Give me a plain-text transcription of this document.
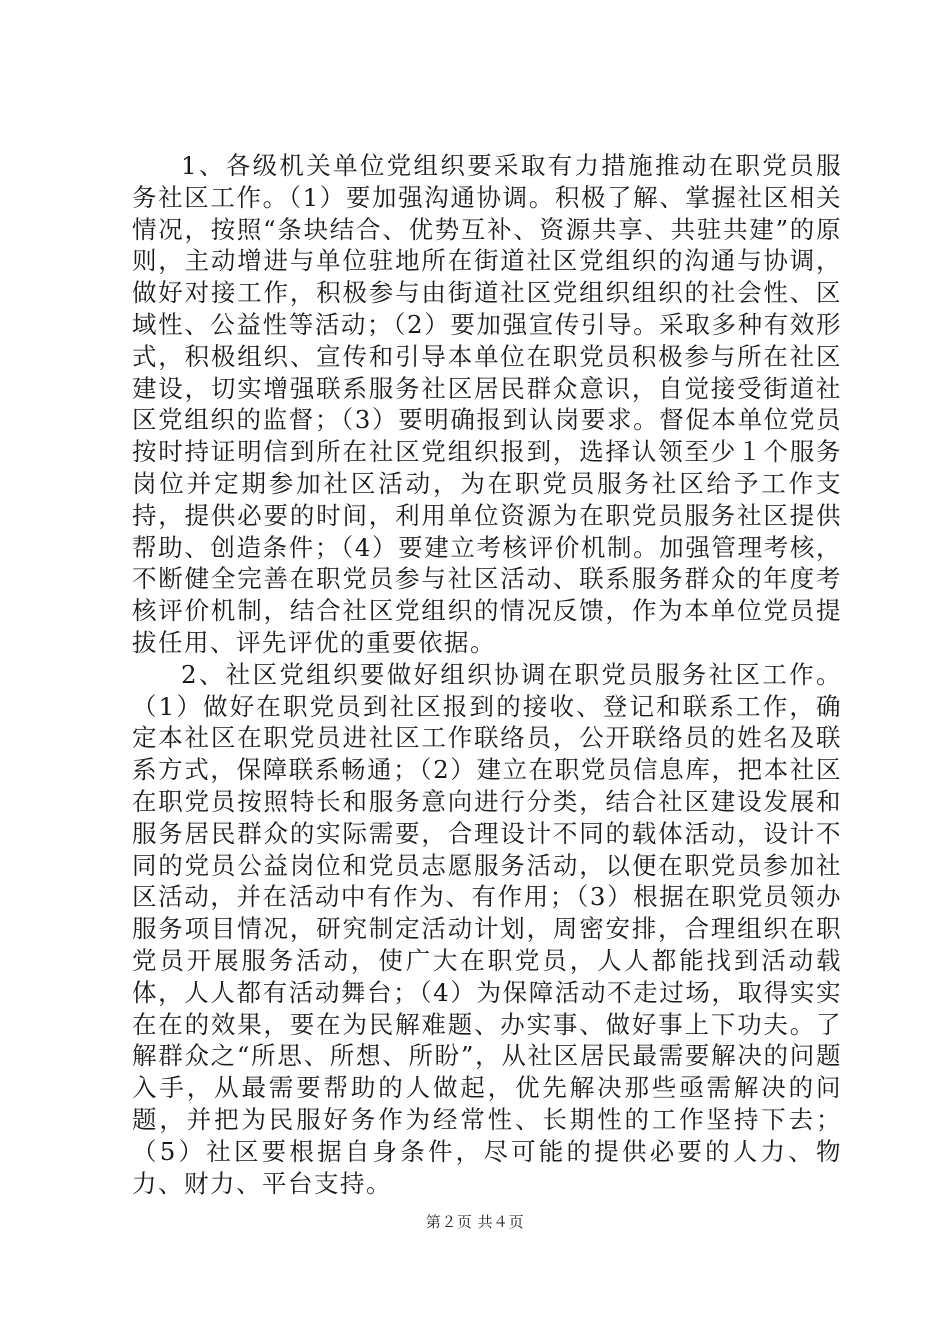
1、各级机关单位党组织要采取有力措施推动在职党员服务社区工作。（1）要加强沟通协调。积极了解、掌握社区相关情况，按照“条块结合、优势互补、资源共享、共驻共建”的原则，主动增进与单位驻地所在街道社区党组织的沟通与协调，做好对接工作，积极参与由街道社区党组织组织的社会性、区域性、公益性等活动；（2）要加强宣传引导。采取多种有效形式，积极组织、宣传和引导本单位在职党员积极参与所在社区建设，切实增强联系服务社区居民群众意识，自觉接受街道社区党组织的监督；（3）要明确报到认岗要求。督促本单位党员按时持证明信到所在社区党组织报到，选择认领至少１个服务岗位并定期参加社区活动，为在职党员服务社区给予工作支持，提供必要的时间，利用单位资源为在职党员服务社区提供帮助、创造条件；（4）要建立考核评价机制。加强管理考核，不断健全完善在职党员参与社区活动、联系服务群众的年度考核评价机制，结合社区党组织的情况反馈，作为本单位党员提拔任用、评先评优的重要依据。

2、社区党组织要做好组织协调在职党员服务社区工作。（1）做好在职党员到社区报到的接收、登记和联系工作，确定本社区在职党员进社区工作联络员，公开联络员的姓名及联系方式，保障联系畅通；（2）建立在职党员信息库，把本社区在职党员按照特长和服务意向进行分类，结合社区建设发展和服务居民群众的实际需要，合理设计不同的载体活动，设计不同的党员公益岗位和党员志愿服务活动，以便在职党员参加社区活动，并在活动中有作为、有作用；（3）根据在职党员领办服务项目情况，研究制定活动计划，周密安排，合理组织在职党员开展服务活动，使广大在职党员，人人都能找到活动载体，人人都有活动舞台；（4）为保障活动不走过场，取得实实在在的效果，要在为民解难题、办实事、做好事上下功夫。了解群众之“所思、所想、所盼”，从社区居民最需要解决的问题入手，从最需要帮助的人做起，优先解决那些亟需解决的问题，并把为民服好务作为经常性、长期性的工作坚持下去；（5）社区要根据自身条件，尽可能的提供必要的人力、物力、财力、平台支持。

第２页 共４页
